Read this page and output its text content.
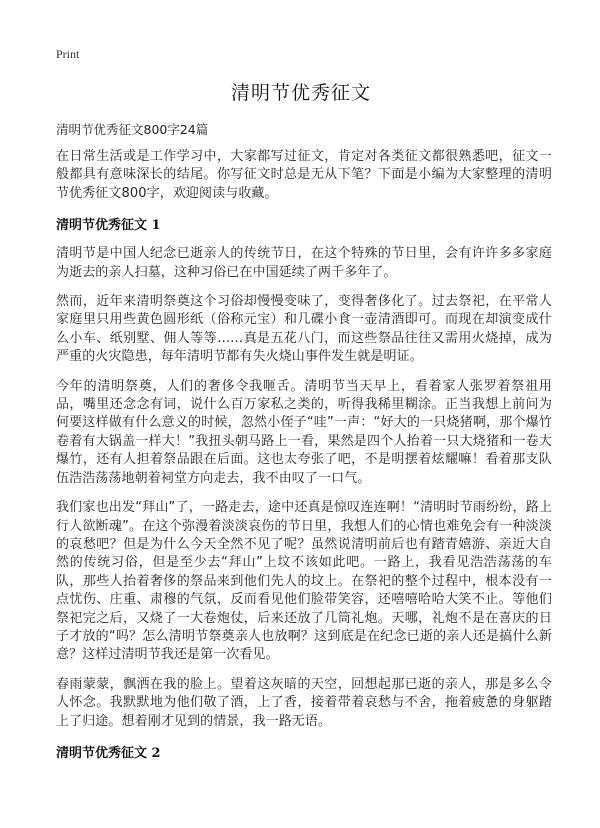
Print
清明节优秀征文

清明节优秀征文800字24篇

在日常生活或是工作学习中，大家都写过征文，肯定对各类征文都很熟悉吧，征文一般都具有意味深长的结尾。你写征文时总是无从下笔？下面是小编为大家整理的清明节优秀征文800字，欢迎阅读与收藏。

清明节优秀征文 1

清明节是中国人纪念已逝亲人的传统节日，在这个特殊的节日里，会有许许多多家庭为逝去的亲人扫墓，这种习俗已在中国延续了两千多年了。

然而，近年来清明祭奠这个习俗却慢慢变味了，变得奢侈化了。过去祭祀，在平常人家庭里只用些黄色圆形纸（俗称元宝）和几碟小食一壶清酒即可。而现在却演变成什么小车、纸别墅、佣人等等……真是五花八门，而这些祭品往往又需用火烧掉，成为严重的火灾隐患，每年清明节都有失火烧山事件发生就是明证。

今年的清明祭奠，人们的奢侈令我咂舌。清明节当天早上，看着家人张罗着祭祖用品，嘴里还念念有词，说什么百万家私之类的，听得我稀里糊涂。正当我想上前问为何要这样做有什么意义的时候，忽然小侄子“哇”一声：“好大的一只烧猪啊，那个爆竹卷着有大锅盖一样大！”我扭头朝马路上一看，果然是四个人抬着一只大烧猪和一卷大爆竹，还有人担着祭品跟在后面。这也太夸张了吧，不是明摆着炫耀嘛！看着那支队伍浩浩荡荡地朝着祠堂方向走去，我不由叹了一口气。

我们家也出发“拜山”了，一路走去，途中还真是惊叹连连啊！“清明时节雨纷纷，路上行人欲断魂”。在这个弥漫着淡淡哀伤的节日里，我想人们的心情也难免会有一种淡淡的哀愁吧？但是为什么今天全然不见了呢？虽然说清明前后也有踏青嬉游、亲近大自然的传统习俗，但是至少去“拜山”上坟不该如此吧。一路上，我看见浩浩荡荡的车队，那些人抬着奢侈的祭品来到他们先人的坟上。在祭祀的整个过程中，根本没有一点忧伤、庄重、肃穆的气氛，反而看见他们脸带笑容，还嘻嘻哈哈大笑不止。等他们祭祀完之后，又烧了一大卷炮仗，后来还放了几筒礼炮。天哪，礼炮不是在喜庆的日子才放的“吗？怎么清明节祭奠亲人也放啊？这到底是在纪念已逝的亲人还是搞什么新意？这样过清明节我还是第一次看见。

春雨蒙蒙，飘洒在我的脸上。望着这灰暗的天空，回想起那已逝的亲人，那是多么令人怀念。我默默地为他们敬了酒，上了香，接着带着哀愁与不舍，拖着疲惫的身躯踏上了归途。想着刚才见到的情景，我一路无语。

清明节优秀征文 2
